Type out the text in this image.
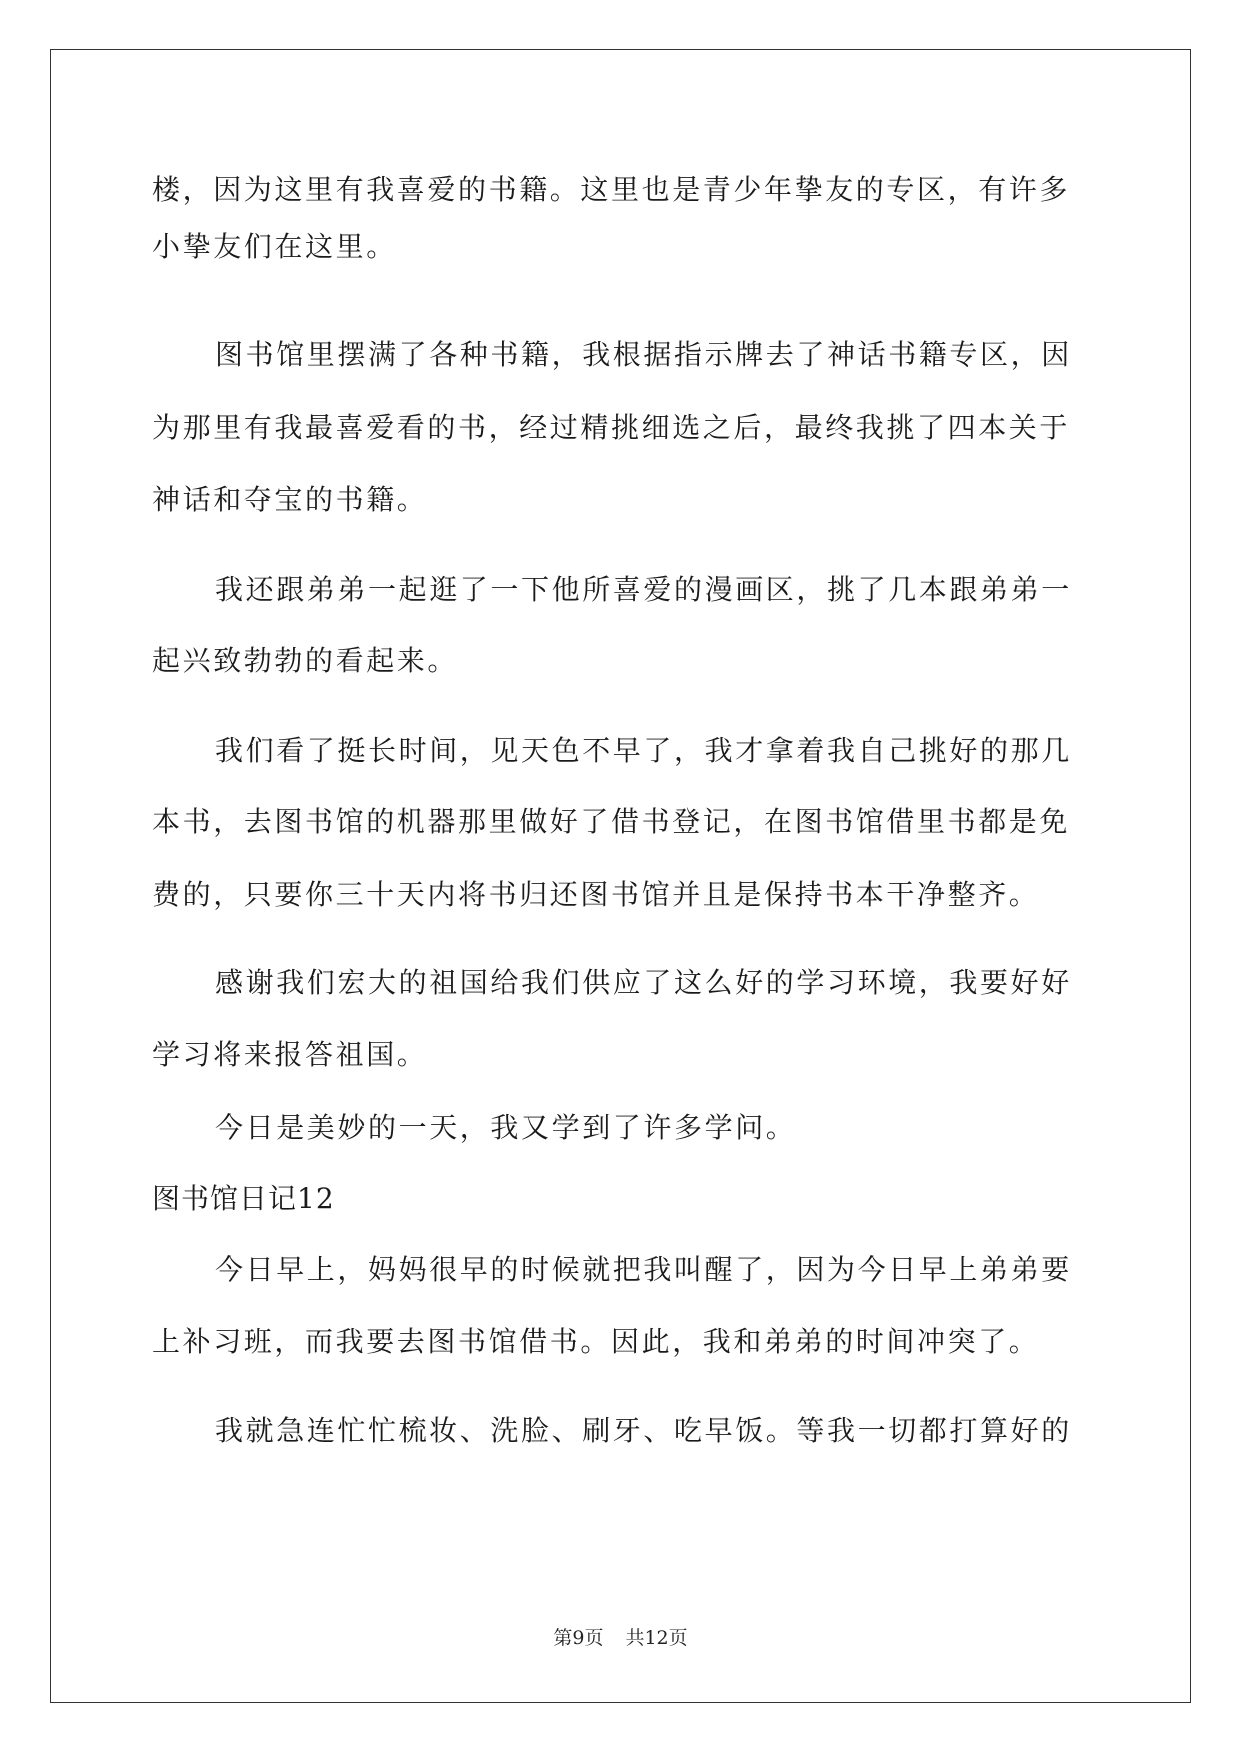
楼，因为这里有我喜爱的书籍。这里也是青少年挚友的专区，有许多
小挚友们在这里。
图书馆里摆满了各种书籍，我根据指示牌去了神话书籍专区，因
为那里有我最喜爱看的书，经过精挑细选之后，最终我挑了四本关于
神话和夺宝的书籍。
我还跟弟弟一起逛了一下他所喜爱的漫画区，挑了几本跟弟弟一
起兴致勃勃的看起来。
我们看了挺长时间，见天色不早了，我才拿着我自己挑好的那几
本书，去图书馆的机器那里做好了借书登记，在图书馆借里书都是免
费的，只要你三十天内将书归还图书馆并且是保持书本干净整齐。
感谢我们宏大的祖国给我们供应了这么好的学习环境，我要好好
学习将来报答祖国。
今日是美妙的一天，我又学到了许多学问。
图书馆日记12
今日早上，妈妈很早的时候就把我叫醒了，因为今日早上弟弟要
上补习班，而我要去图书馆借书。因此，我和弟弟的时间冲突了。
我就急连忙忙梳妆、洗脸、刷牙、吃早饭。等我一切都打算好的
第9页 共12页
